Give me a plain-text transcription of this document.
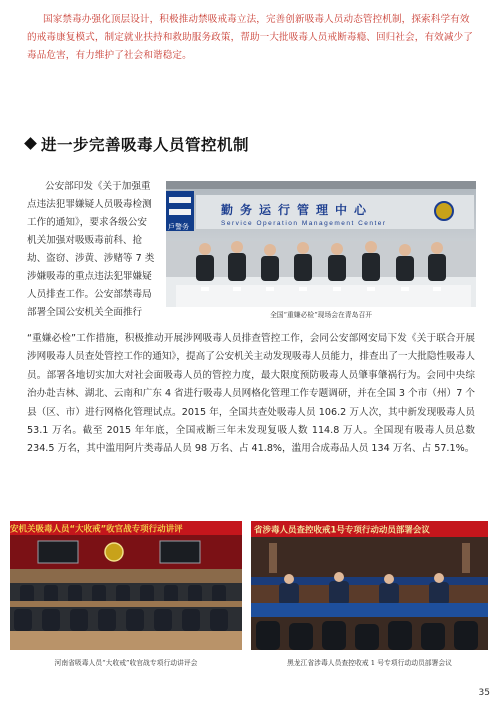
国家禁毒办强化顶层设计，积极推动禁吸戒毒立法，完善创新吸毒人员动态管控机制，探索科学有效的戒毒康复模式，制定就业扶持和救助服务政策，帮助一大批吸毒人员戒断毒瘾、回归社会，有效减少了毒品危害，有力维护了社会和谐稳定。
进一步完善吸毒人员管控机制
公安部印发《关于加强重
点违法犯罪嫌疑人员吸毒检测
工作的通知》，要求各级公安
机关加强对吸贩毒前科、抢
劫、盗窃、涉黄、涉赌等 7 类
涉嫌吸毒的重点违法犯罪嫌疑
人员排查工作。公安部禁毒局
部署全国公安机关全面推行
戶警务
勤务运行管理中心
Service Operation Management Center
全国“重嫌必检”现场会在青岛召开
“重嫌必检”工作措施，积极推动开展涉网吸毒人员排查管控工作，会同公安部网安局下发《关于联合开展涉网吸毒人员查处管控工作的通知》，提高了公安机关主动发现吸毒人员能力，排查出了一大批隐性吸毒人员。部署各地切实加大对社会面吸毒人员的管控力度，最大限度预防吸毒人员肇事肇祸行为。会同中央综治办赴吉林、湖北、云南和广东 4 省进行吸毒人员网格化管理工作专题调研，并在全国 3 个市（州）7 个县（区、市）进行网格化管理试点。2015 年，全国共查处吸毒人员 106.2 万人次，其中新发现吸毒人员 53.1 万名。截至 2015 年年底，全国戒断三年未发现复吸人数 114.8 万人。全国现有吸毒人员总数 234.5 万名，其中滥用阿片类毒品人员 98 万名、占 41.8%，滥用合成毒品人员 134 万名、占 57.1%。
安机关吸毒人员“大收戒”收官战专项行动讲评	省涉毒人员查控收戒1号专项行动动员部署会议
河南省吸毒人员“大收戒”收官战专项行动讲评会	黑龙江省涉毒人员查控收戒 1 号专项行动动员部署会议
35
